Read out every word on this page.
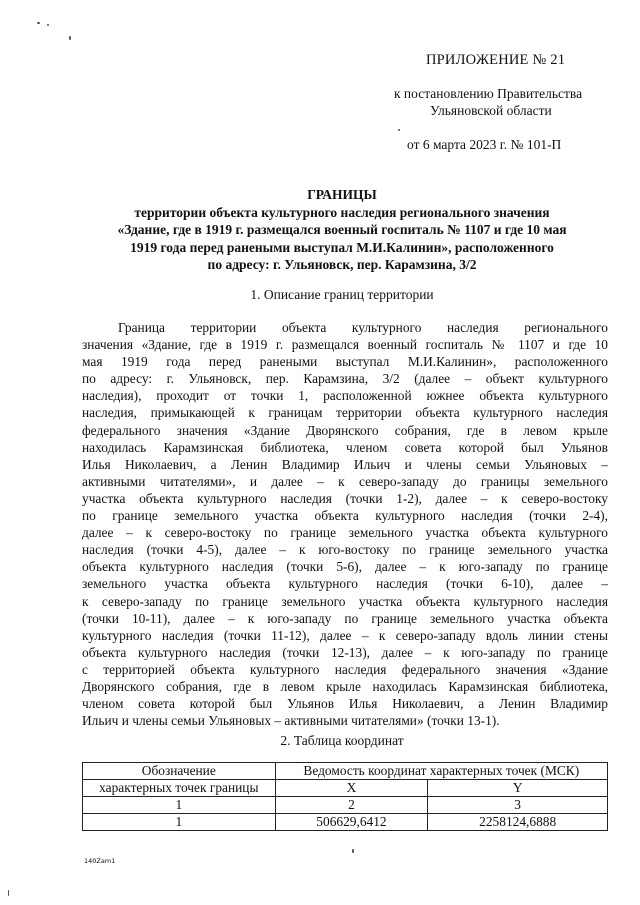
ПРИЛОЖЕНИЕ № 21
к постановлению Правительства
Ульяновской области
от 6 марта 2023 г. № 101-П
ГРАНИЦЫ
территории объекта культурного наследия регионального значения
«Здание, где в 1919 г. размещался военный госпиталь № 1107 и где 10 мая
1919 года перед ранеными выступал М.И.Калинин», расположенного
по адресу: г. Ульяновск, пер. Карамзина, 3/2
1. Описание границ территории
Граница территории объекта культурного наследия регионального
значения «Здание, где в 1919 г. размещался военный госпиталь № 1107 и где 10
мая 1919 года перед ранеными выступал М.И.Калинин», расположенного
по адресу: г. Ульяновск, пер. Карамзина, 3/2 (далее – объект культурного
наследия), проходит от точки 1, расположенной южнее объекта культурного
наследия, примыкающей к границам территории объекта культурного наследия
федерального значения «Здание Дворянского собрания, где в левом крыле
находилась Карамзинская библиотека, членом совета которой был Ульянов
Илья Николаевич, а Ленин Владимир Ильич и члены семьи Ульяновых –
активными читателями», и далее – к северо-западу до границы земельного
участка объекта культурного наследия (точки 1-2), далее – к северо-востоку
по границе земельного участка объекта культурного наследия (точки 2-4),
далее – к северо-востоку по границе земельного участка объекта культурного
наследия (точки 4-5), далее – к юго-востоку по границе земельного участка
объекта культурного наследия (точки 5-6), далее – к юго-западу по границе
земельного участка объекта культурного наследия (точки 6-10), далее –
к северо-западу по границе земельного участка объекта культурного наследия
(точки 10-11), далее – к юго-западу по границе земельного участка объекта
культурного наследия (точки 11-12), далее – к северо-западу вдоль линии стены
объекта культурного наследия (точки 12-13), далее – к юго-западу по границе
с территорией объекта культурного наследия федерального значения «Здание
Дворянского собрания, где в левом крыле находилась Карамзинская библиотека,
членом совета которой был Ульянов Илья Николаевич, а Ленин Владимир
Ильич и члены семьи Ульяновых – активными читателями» (точки 13-1).
2. Таблица координат
Обозначение	Ведомость координат характерных точек (МСК)	
характерных точек границы	X	Y
1	2	3
1	506629,6412	2258124,6888
140Zam1
